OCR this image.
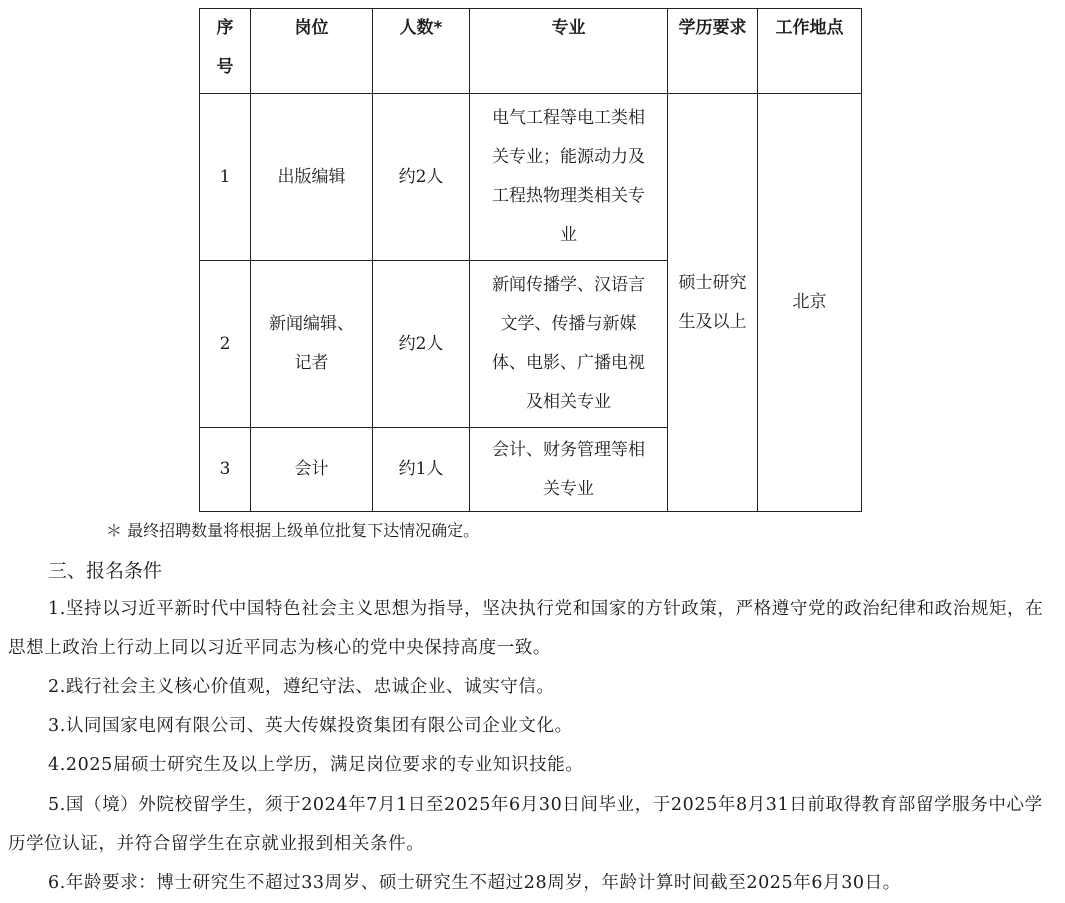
序号	岗位	人数*	专业	学历要求	工作地点

1	出版编辑	约2人	电气工程等电工类相关专业；能源动力及工程热物理类相关专业	硕士研究生及以上	北京
2	新闻编辑、记者	约2人	新闻传播学、汉语言文学、传播与新媒体、电影、广播电视及相关专业		

3	会计	约1人	会计、财务管理等相关专业		
＊ 最终招聘数量将根据上级单位批复下达情况确定。
三、报名条件

1.坚持以习近平新时代中国特色社会主义思想为指导，坚决执行党和国家的方针政策，严格遵守党的政治纪律和政治规矩，在思想上政治上行动上同以习近平同志为核心的党中央保持高度一致。

2.践行社会主义核心价值观，遵纪守法、忠诚企业、诚实守信。

3.认同国家电网有限公司、英大传媒投资集团有限公司企业文化。

4.2025届硕士研究生及以上学历，满足岗位要求的专业知识技能。

5.国（境）外院校留学生，须于2024年7月1日至2025年6月30日间毕业，于2025年8月31日前取得教育部留学服务中心学历学位认证，并符合留学生在京就业报到相关条件。

6.年龄要求：博士研究生不超过33周岁、硕士研究生不超过28周岁，年龄计算时间截至2025年6月30日。
